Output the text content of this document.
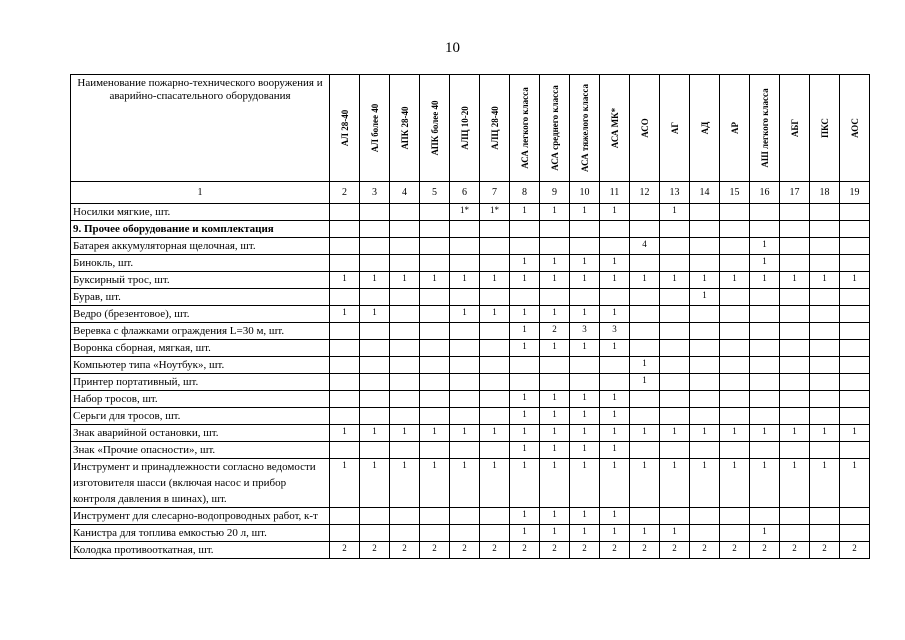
10
Наименование пожарно-технического вооружения и аварийно-спасательного оборудования	АЛ 28-40	АЛ более 40	АПК 28-40	АПК более 40	АЛЦ 10-20	АЛЦ 28-40	АСА легкого класса	АСА среднего класса	АСА тяжелого класса	АСА МК*	АСО	АГ	АД	АР	АШ легкого класса	АБГ	ПКС	АОС

1	2	3	4	5	6	7	8	9	10	11	12	13	14	15	16	17	18	19
Носилки мягкие, шт.					1*	1*	1	1	1	1		1						
9. Прочее оборудование и комплектация																		
Батарея аккумуляторная щелочная, шт.											4				1			
Бинокль, шт.							1	1	1	1					1			
Буксирный трос, шт.	1	1	1	1	1	1	1	1	1	1	1	1	1	1	1	1	1	1
Бурав, шт.													1					
Ведро (брезентовое), шт.	1	1			1	1	1	1	1	1								
Веревка с флажками ограждения L=30 м, шт.							1	2	3	3								
Воронка сборная, мягкая, шт.							1	1	1	1								
Компьютер типа «Ноутбук», шт.											1							
Принтер портативный, шт.											1							
Набор тросов, шт.							1	1	1	1								
Серьги для тросов, шт.							1	1	1	1								
Знак аварийной остановки, шт.	1	1	1	1	1	1	1	1	1	1	1	1	1	1	1	1	1	1
Знак «Прочие опасности», шт.							1	1	1	1								
Инструмент и принадлежности согласно ведомости изготовителя шасси (включая насос и прибор контроля давления в шинах), шт.	1	1	1	1	1	1	1	1	1	1	1	1	1	1	1	1	1	1
Инструмент для слесарно-водопроводных работ, к-т							1	1	1	1								
Канистра для топлива емкостью 20 л, шт.							1	1	1	1	1	1			1			
Колодка противооткатная, шт.	2	2	2	2	2	2	2	2	2	2	2	2	2	2	2	2	2	2
